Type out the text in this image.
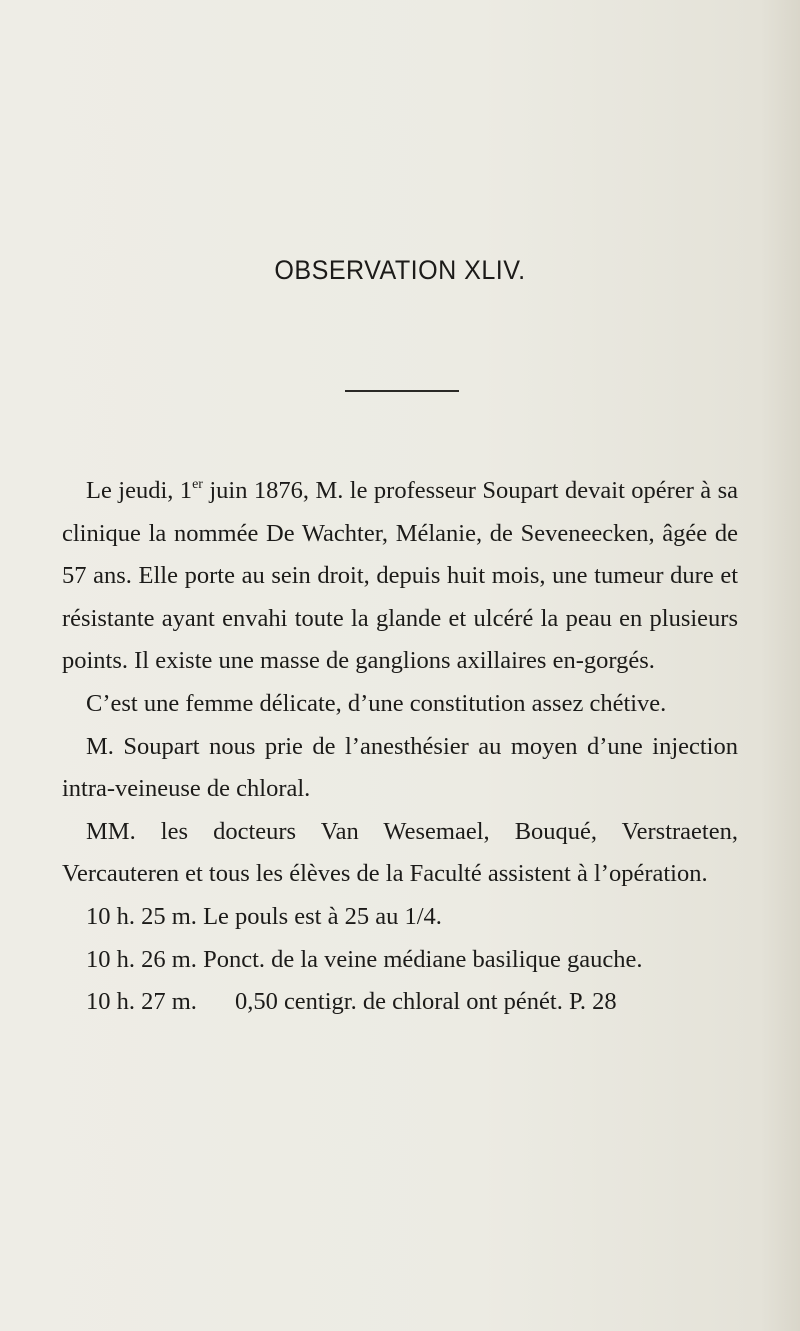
OBSERVATION XLIV.

Le jeudi, 1er juin 1876, M. le professeur Soupart devait opérer à sa clinique la nommée De Wachter, Mélanie, de Seveneecken, âgée de 57 ans. Elle porte au sein droit, depuis huit mois, une tumeur dure et résistante ayant envahi toute la glande et ulcéré la peau en plusieurs points. Il existe une masse de ganglions axillaires en-gorgés.

C’est une femme délicate, d’une constitution assez chétive.

M. Soupart nous prie de l’anesthésier au moyen d’une injection intra-veineuse de chloral.

MM. les docteurs Van Wesemael, Bouqué, Verstraeten, Vercauteren et tous les élèves de la Faculté assistent à l’opération.

10 h. 25 m. Le pouls est à 25 au 1/4.

10 h. 26 m. Ponct. de la veine médiane basilique gauche.

10 h. 27 m. 0,50 centigr. de chloral ont pénét. P. 28
